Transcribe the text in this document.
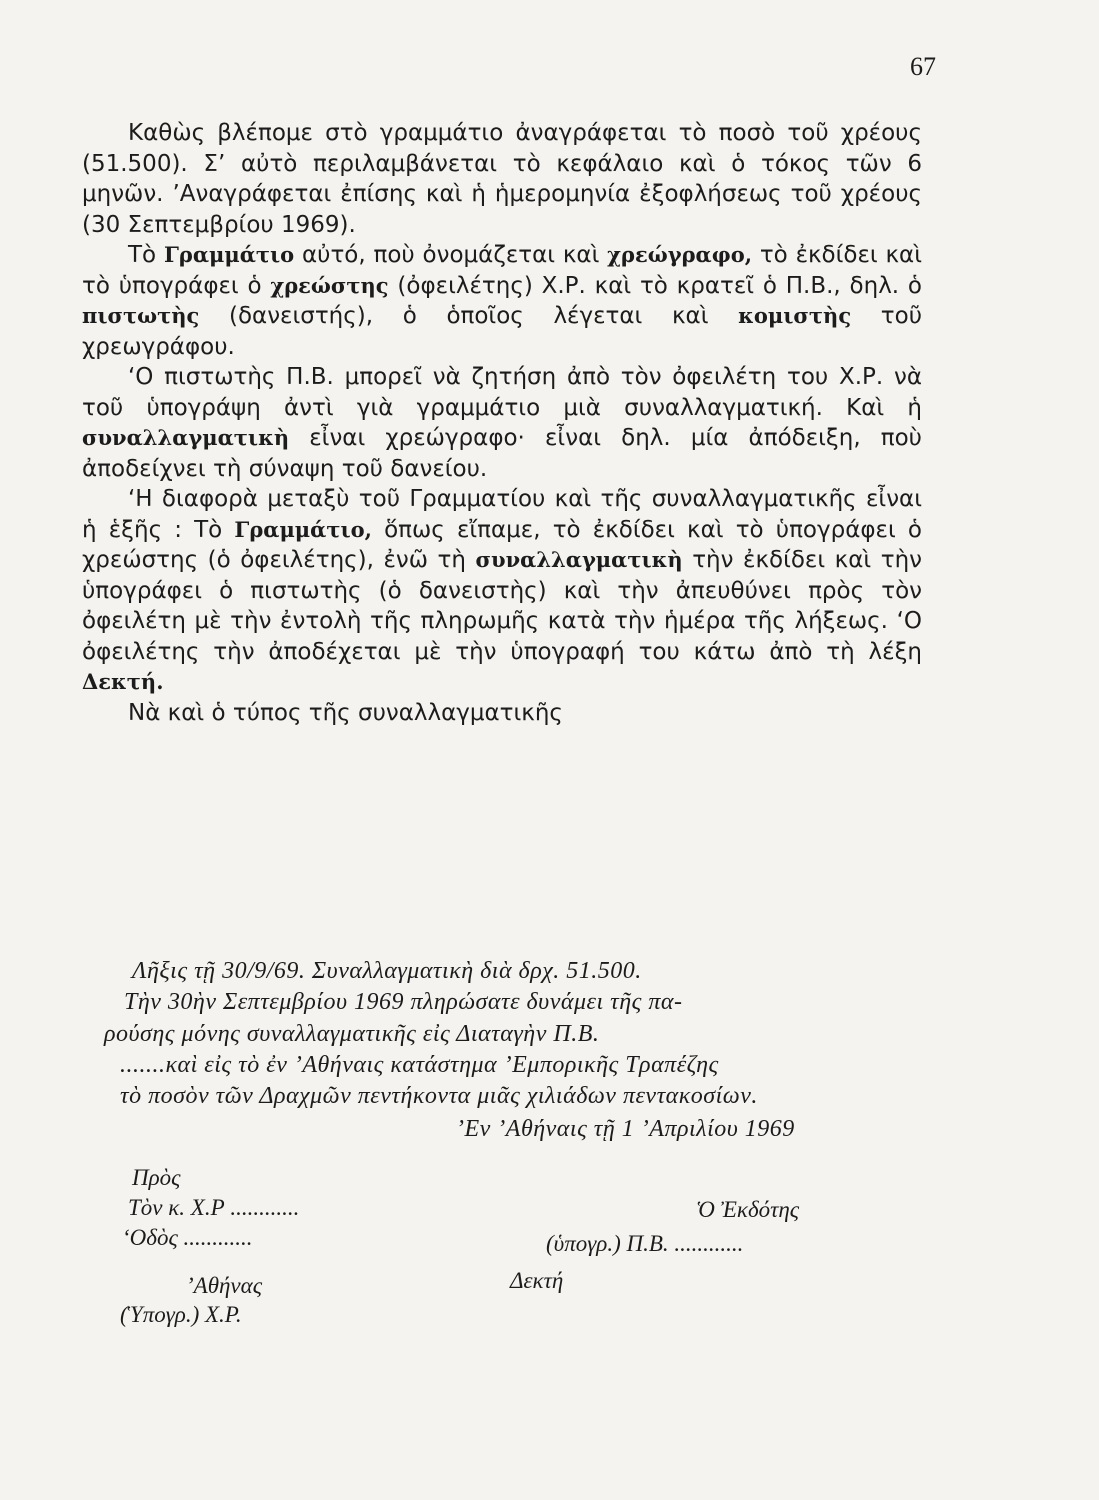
67

Καθὼς βλέπομε στὸ γραμμάτιο ἀναγράφεται τὸ ποσὸ τοῦ χρέους (51.500). Σ’ αὐτὸ περιλαμβάνεται τὸ κεφάλαιο καὶ ὁ τόκος τῶν 6 μηνῶν. ’Αναγράφεται ἐπίσης καὶ ἡ ἡμερομηνία ἐξοφλήσεως τοῦ χρέους (30 Σεπτεμβρίου 1969).

Τὸ Γραμμάτιο αὐτό, ποὺ ὀνομάζεται καὶ χρεώγραφο, τὸ ἐκδίδει καὶ τὸ ὑπογράφει ὁ χρεώστης (ὀφειλέτης) Χ.Ρ. καὶ τὸ κρατεῖ ὁ Π.Β., δηλ. ὁ πιστωτὴς (δανειστής), ὁ ὁποῖος λέγεται καὶ κομιστὴς τοῦ χρεωγράφου.

‘Ο πιστωτὴς Π.Β. μπορεῖ νὰ ζητήση ἀπὸ τὸν ὀφειλέτη του Χ.Ρ. νὰ τοῦ ὑπογράψη ἀντὶ γιὰ γραμμάτιο μιὰ συναλλαγματική. Καὶ ἡ συναλλαγματικὴ εἶναι χρεώγραφο· εἶναι δηλ. μία ἀπόδειξη, ποὺ ἀποδείχνει τὴ σύναψη τοῦ δανείου.

‘Η διαφορὰ μεταξὺ τοῦ Γραμματίου καὶ τῆς συναλλαγματικῆς εἶναι ἡ ἑξῆς : Τὸ Γραμμάτιο, ὅπως εἴπαμε, τὸ ἐκδίδει καὶ τὸ ὑπογράφει ὁ χρεώστης (ὁ ὀφειλέτης), ἐνῶ τὴ συναλλαγματικὴ τὴν ἐκδίδει καὶ τὴν ὑπογράφει ὁ πιστωτὴς (ὁ δανειστὴς) καὶ τὴν ἀπευθύνει πρὸς τὸν ὀφειλέτη μὲ τὴν ἐντολὴ τῆς πληρωμῆς κατὰ τὴν ἡμέρα τῆς λήξεως. ‘Ο ὀφειλέτης τὴν ἀποδέχεται μὲ τὴν ὑπογραφή του κάτω ἀπὸ τὴ λέξη Δεκτή.

Νὰ καὶ ὁ τύπος τῆς συναλλαγματικῆς

Λῆξις τῇ 30/9/69. Συναλλαγματικὴ διὰ δρχ. 51.500.
Τὴν 30ὴν Σεπτεμβρίου 1969 πληρώσατε δυνάμει τῆς πα-
ρούσης μόνης συναλλαγματικῆς εἰς Διαταγὴν Π.Β.
.......καὶ εἰς τὸ ἐν ’Αθήναις κατάστημα ’Εμπορικῆς Τραπέζης
τὸ ποσὸν τῶν Δραχμῶν πεντήκοντα μιᾶς χιλιάδων πεντακοσίων.
’Εν ’Αθήναις τῇ 1 ’Απριλίου 1969
Πρὸς
Τὸν κ. Χ.Ρ ............	Ὁ Ἐκδότης
‘Οδὸς ............	(ὑπογρ.) Π.Β. ............
’Αθήνας	Δεκτή
(Ὑπογρ.) Χ.Ρ.
